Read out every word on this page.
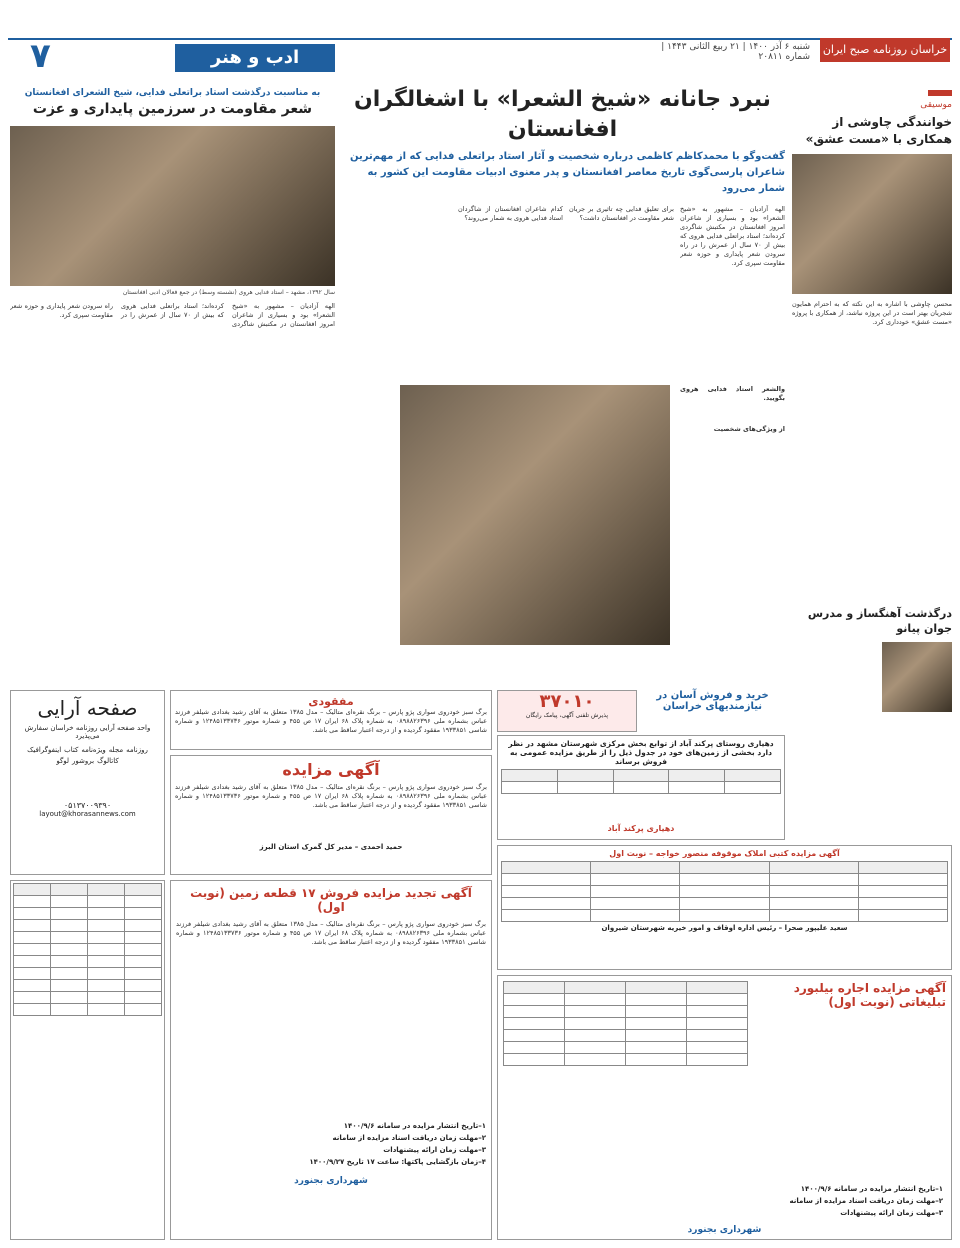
۷	ادب و هنر	شنبه ۶ آذر ۱۴۰۰ | ۲۱ ربیع الثانی ۱۴۴۳ | شماره ۲۰۸۱۱
خراسان روزنامه صبح ایران
موسیقی
خوانندگی چاوشی از همکاری با «مست عشق»
محسن چاوشی با اشاره به این نکته که به احترام همایون شجریان بهتر است در این پروژه نباشد، از همکاری با پروژه «مست عشق» خودداری کرد.
درگذشت آهنگساز و مدرس جوان پیانو
نبرد جانانه «شیخ الشعرا» با اشغالگران افغانستان

گفت‌وگو با محمدکاظم کاظمی درباره شخصیت و آثار استاد براتعلی فدایی که از مهم‌ترین شاعران پارسی‌گوی تاریخ معاصر افغانستان و پدر معنوی ادبیات مقاومت این کشور به شمار می‌رود

الهه آزادیان – مشهور به «شیخ الشعرا» بود و بسیاری از شاعران امروز افغانستان در مکتبش شاگردی کرده‌اند؛ استاد براتعلی فدایی هروی که بیش از ۷۰ سال از عمرش را در راه سرودن شعر پایداری و حوزه شعر مقاومت سپری کرد.
برای تعلیق فدایی چه تاثیری بر جریان شعر مقاومت در افغانستان داشت؟
کدام شاعران افغانستان از شاگردان استاد فدایی هروی به شمار می‌روند؟
والشعر استاد فدایی هروی بگویید.
از ویژگی‌های شخصیت
به مناسبت درگذشت استاد براتعلی فدایی، شیخ الشعرای افغانستان
شعر مقاومت در سرزمین پایداری و عزت
سال ۱۳۹۲، مشهد – استاد فدایی هروی (نشسته وسط) در جمع فعالان ادبی افغانستان
الهه آزادیان – مشهور به «شیخ الشعرا» بود و بسیاری از شاعران امروز افغانستان در مکتبش شاگردی کرده‌اند؛ استاد براتعلی فدایی هروی که بیش از ۷۰ سال از عمرش را در راه سرودن شعر پایداری و حوزه شعر مقاومت سپری کرد.
صفحه آرایی
واحد صفحه آرایی روزنامه خراسان سفارش می‌پذیرد
روزنامه
مجله
ویژه‌نامه
کتاب
اینفوگرافیک
کاتالوگ
بروشور
لوگو
۰۵۱۳۷۰۰۹۳۹۰
layout@khorasannews.com
مفقودی
برگ سبز خودروی سواری پژو پارس – برنگ نقره‌ای متالیک – مدل ۱۳۸۵ متعلق به آقای رشید بغدادی شیلفر فرزند عباس بشماره ملی ۰۸۹۸۸۲۶۳۹۶ به شماره پلاک ۶۸ ایران ۱۷ ص ۴۵۵ و شماره موتور ۱۲۴۸۵۱۳۳۷۳۶ و شماره شاسی ۱۹۳۳۸۵۱ مفقود گردیده و از درجه اعتبار ساقط می باشد.
آگهی مزایده
برگ سبز خودروی سواری پژو پارس – برنگ نقره‌ای متالیک – مدل ۱۳۸۵ متعلق به آقای رشید بغدادی شیلفر فرزند عباس بشماره ملی ۰۸۹۸۸۲۶۳۹۶ به شماره پلاک ۶۸ ایران ۱۷ ص ۴۵۵ و شماره موتور ۱۲۴۸۵۱۳۳۷۳۶ و شماره شاسی ۱۹۳۳۸۵۱ مفقود گردیده و از درجه اعتبار ساقط می باشد.
حمید احمدی – مدیر کل گمرک استان البرز
۳۷۰۱۰
پذیرش تلفنی آگهی، پیامک رایگان
خرید و فروش آسان در نیازمندیهای خراسان
دهیاری روستای پرکند آباد از توابع بخش مرکزی شهرستان مشهد در نظر دارد بخشی از زمین‌های خود در جدول ذیل را از طریق مزایده عمومی به فروش برساند

دهیاری پرکند آباد
آگهی مزایده کتبی املاک موقوفه منصور خواجه – نوبت اول

سعید علیپور صحرا – رئیس اداره اوقاف و امور خیریه شهرستان شیروان
آگهی تجدید مزایده فروش ۱۷ قطعه زمین (نوبت اول)
برگ سبز خودروی سواری پژو پارس – برنگ نقره‌ای متالیک – مدل ۱۳۸۵ متعلق به آقای رشید بغدادی شیلفر فرزند عباس بشماره ملی ۰۸۹۸۸۲۶۳۹۶ به شماره پلاک ۶۸ ایران ۱۷ ص ۴۵۵ و شماره موتور ۱۲۴۸۵۱۳۳۷۳۶ و شماره شاسی ۱۹۳۳۸۵۱ مفقود گردیده و از درجه اعتبار ساقط می باشد.
۱–تاریخ انتشار مزایده در سامانه ۱۴۰۰/۹/۶
۲–مهلت زمان دریافت اسناد مزایده از سامانه
۳–مهلت زمان ارائه پیشنهادات
۴–زمان بازگشایی پاکتها: ساعت ۱۷ تاریخ ۱۴۰۰/۹/۲۷
شهرداری بجنورد

آگهی مزایده اجاره بیلبورد تبلیغاتی (نوبت اول)

۱–تاریخ انتشار مزایده در سامانه ۱۴۰۰/۹/۶
۲–مهلت زمان دریافت اسناد مزایده از سامانه
۳–مهلت زمان ارائه پیشنهادات
شهرداری بجنورد
